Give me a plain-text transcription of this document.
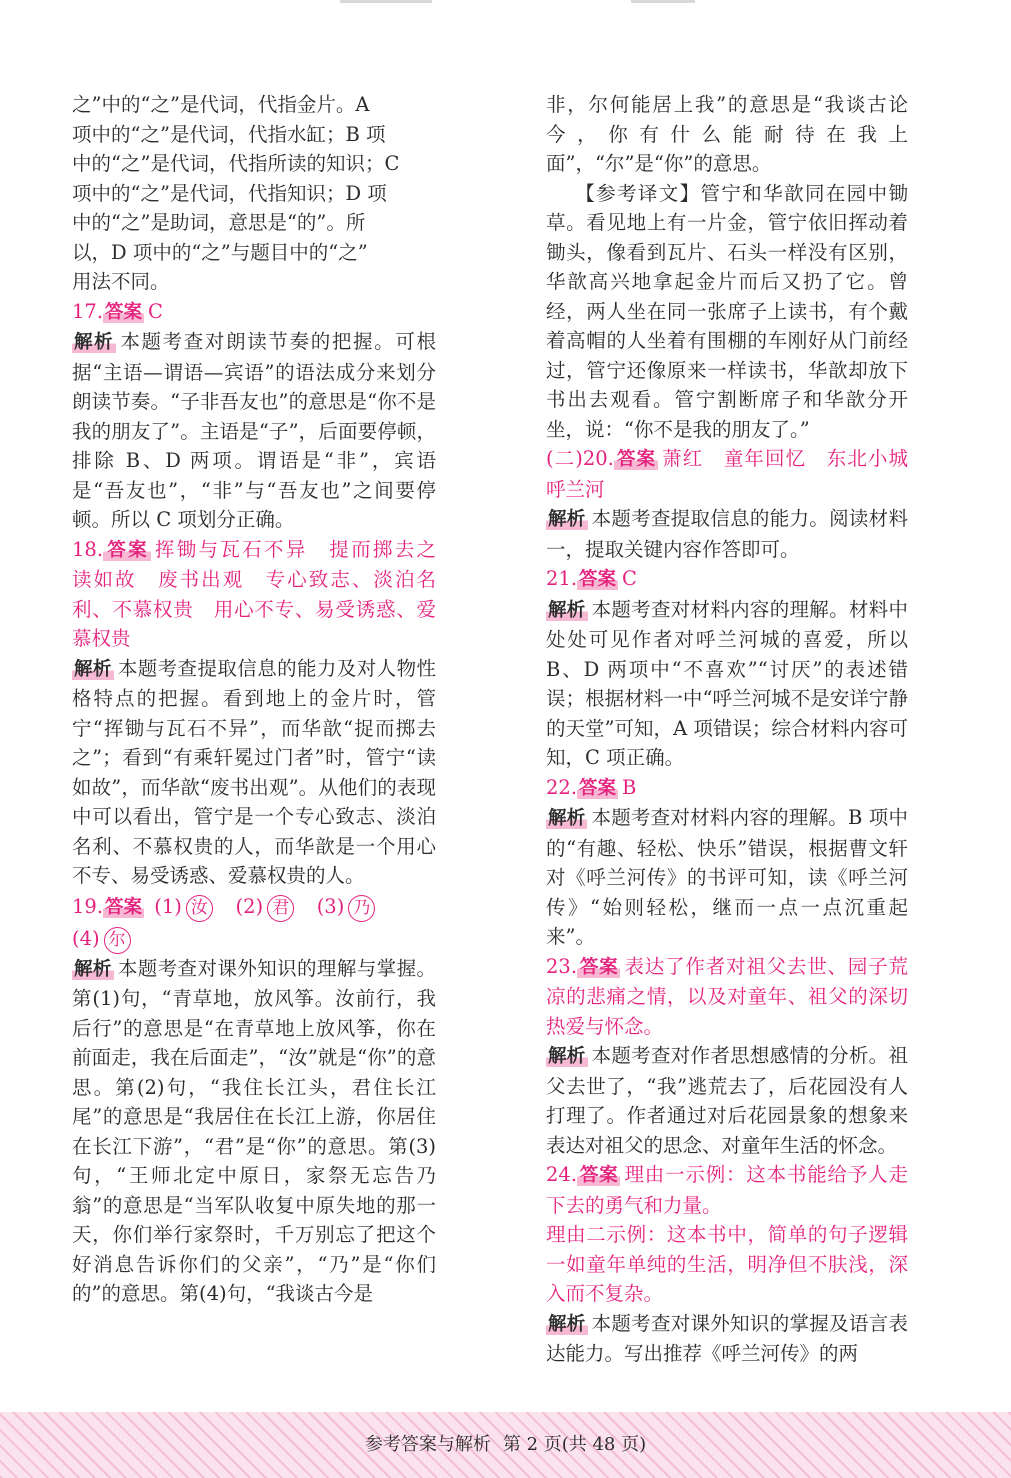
之”中的“之”是代词，代指金片。A

项中的“之”是代词，代指水缸；B 项

中的“之”是代词，代指所读的知识；C

项中的“之”是代词，代指知识；D 项

中的“之”是助词，意思是“的”。所

以，D 项中的“之”与题目中的“之”

用法不同。

17. 答案 C

解析 本题考查对朗读节奏的把握。可根据“主语—谓语—宾语”的语法成分来划分朗读节奏。“子非吾友也”的意思是“你不是我的朋友了”。主语是“子”，后面要停顿，排除 B、D 两项。谓语是“非”，宾语是“吾友也”，“非”与“吾友也”之间要停顿。所以 C 项划分正确。

18. 答案 挥锄与瓦石不异　提而掷去之　读如故　废书出观　专心致志、淡泊名利、不慕权贵　用心不专、易受诱惑、爱慕权贵

解析 本题考查提取信息的能力及对人物性格特点的把握。看到地上的金片时，管宁“挥锄与瓦石不异”，而华歆“捉而掷去之”；看到“有乘轩冕过门者”时，管宁“读如故”，而华歆“废书出观”。从他们的表现中可以看出，管宁是一个专心致志、淡泊名利、不慕权贵的人，而华歆是一个用心不专、易受诱惑、爱慕权贵的人。

19. 答案 (1) 汝 (2) 君 (3) 乃
(4) 尔

解析 本题考查对课外知识的理解与掌握。第(1)句，“青草地，放风筝。汝前行，我后行”的意思是“在青草地上放风筝，你在前面走，我在后面走”，“汝”就是“你”的意思。第(2)句，“我住长江头，君住长江尾”的意思是“我居住在长江上游，你居住在长江下游”，“君”是“你”的意思。第(3)句，“王师北定中原日，家祭无忘告乃翁”的意思是“当军队收复中原失地的那一天，你们举行家祭时，千万别忘了把这个好消息告诉你们的父亲”，“乃”是“你们的”的意思。第(4)句，“我谈古今是

非，尔何能居上我”的意思是“我谈古论今，你有什么能耐待在我上面”，“尔”是“你”的意思。

【参考译文】管宁和华歆同在园中锄草。看见地上有一片金，管宁依旧挥动着锄头，像看到瓦片、石头一样没有区别，华歆高兴地拿起金片而后又扔了它。曾经，两人坐在同一张席子上读书，有个戴着高帽的人坐着有围棚的车刚好从门前经过，管宁还像原来一样读书，华歆却放下书出去观看。管宁割断席子和华歆分开坐，说：“你不是我的朋友了。”

(二)20. 答案 萧红　童年回忆　东北小城呼兰河

解析 本题考查提取信息的能力。阅读材料一，提取关键内容作答即可。

21. 答案 C

解析 本题考查对材料内容的理解。材料中处处可见作者对呼兰河城的喜爱，所以 B、D 两项中“不喜欢”“讨厌”的表述错误；根据材料一中“呼兰河城不是安详宁静的天堂”可知，A 项错误；综合材料内容可知，C 项正确。

22. 答案 B

解析 本题考查对材料内容的理解。B 项中的“有趣、轻松、快乐”错误，根据曹文轩对《呼兰河传》的书评可知，读《呼兰河传》“始则轻松，继而一点一点沉重起来”。

23. 答案 表达了作者对祖父去世、园子荒凉的悲痛之情，以及对童年、祖父的深切热爱与怀念。

解析 本题考查对作者思想感情的分析。祖父去世了，“我”逃荒去了，后花园没有人打理了。作者通过对后花园景象的想象来表达对祖父的思念、对童年生活的怀念。

24. 答案 理由一示例：这本书能给予人走下去的勇气和力量。

理由二示例：这本书中，简单的句子逻辑一如童年单纯的生活，明净但不肤浅，深入而不复杂。

解析 本题考查对课外知识的掌握及语言表达能力。写出推荐《呼兰河传》的两

参考答案与解析 第 2 页(共 48 页)
